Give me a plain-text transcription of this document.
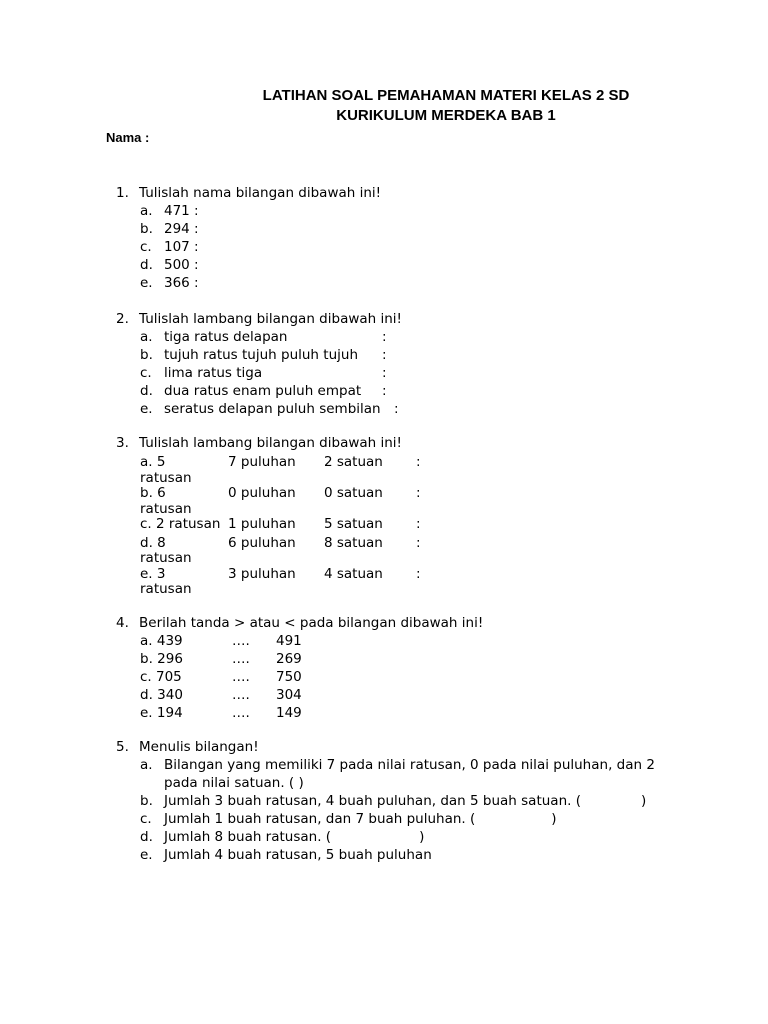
LATIHAN SOAL PEMAHAMAN MATERI KELAS 2 SD
KURIKULUM MERDEKA BAB 1
Nama :
1. Tulislah nama bilangan dibawah ini!
a. 471 :
b. 294 :
c. 107 :
d. 500 :
e. 366 :
2. Tulislah lambang bilangan dibawah ini!
a. tiga ratus delapan	:
b. tujuh ratus tujuh puluh tujuh :
c. lima ratus tiga	:
d. dua ratus enam puluh empat :
e. seratus delapan puluh sembilan :
3. Tulislah lambang bilangan dibawah ini!
a. 5	7 puluhan 2 satuan :
ratusan
b. 6	0 puluhan 0 satuan :
ratusan
c. 2 ratusan 1 puluhan 5 satuan :
d. 8	6 puluhan 8 satuan :
ratusan
e. 3	3 puluhan 4 satuan :
ratusan
4. Berilah tanda > atau < pada bilangan dibawah ini!
a. 439	…. 491
b. 296	…. 269
c. 705	…. 750
d. 340	…. 304
e. 194	…. 149
5. Menulis bilangan!
a. Bilangan yang memiliki 7 pada nilai ratusan, 0 pada nilai puluhan, dan 2 pada nilai satuan. ( )
b. Jumlah 3 buah ratusan, 4 buah puluhan, dan 5 buah satuan. (	)
c. Jumlah 1 buah ratusan, dan 7 buah puluhan. (	)
d. Jumlah 8 buah ratusan. (	)
e. Jumlah 4 buah ratusan, 5 buah puluhan
